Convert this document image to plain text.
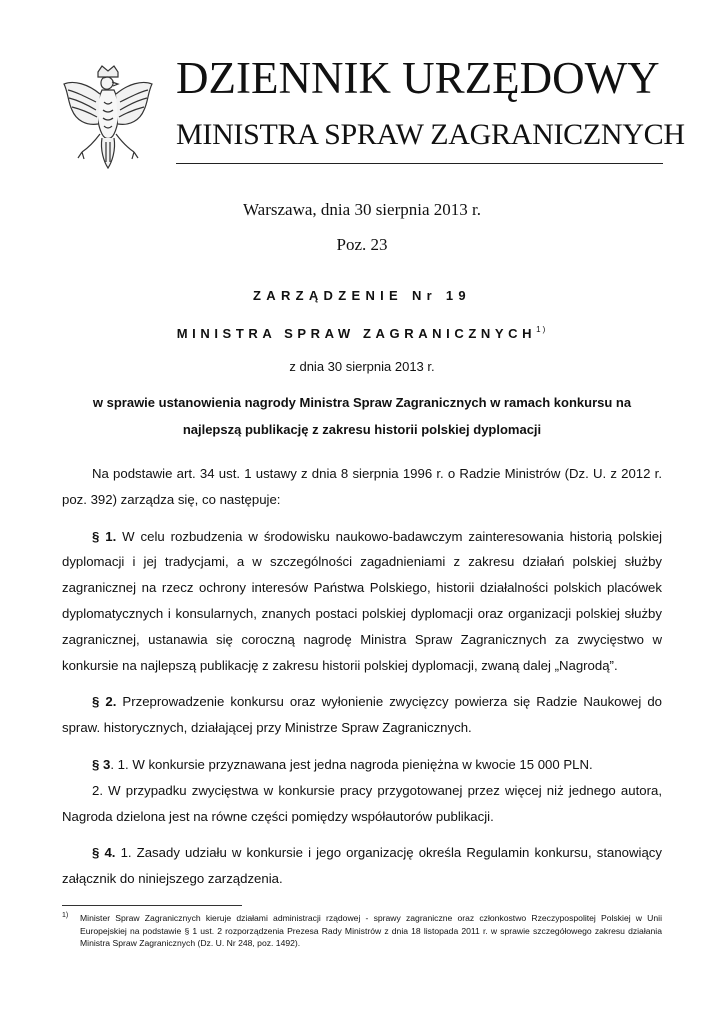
DZIENNIK URZĘDOWY
MINISTRA SPRAW ZAGRANICZNYCH
Warszawa, dnia 30 sierpnia 2013 r.
Poz. 23
ZARZĄDZENIE Nr 19
MINISTRA SPRAW ZAGRANICZNYCH$^{1)}$
z dnia 30 sierpnia 2013 r.
w sprawie ustanowienia nagrody Ministra Spraw Zagranicznych w ramach konkursu na najlepszą publikację z zakresu historii polskiej dyplomacji

Na podstawie art. 34 ust. 1 ustawy z dnia 8 sierpnia 1996 r. o Radzie Ministrów (Dz. U. z 2012 r. poz. 392) zarządza się, co następuje:

§ 1. W celu rozbudzenia w środowisku naukowo-badawczym zainteresowania historią polskiej dyplomacji i jej tradycjami, a w szczególności zagadnieniami z zakresu działań polskiej służby zagranicznej na rzecz ochrony interesów Państwa Polskiego, historii działalności polskich placówek dyplomatycznych i konsularnych, znanych postaci polskiej dyplomacji oraz organizacji polskiej służby zagranicznej, ustanawia się coroczną nagrodę Ministra Spraw Zagranicznych za zwycięstwo w konkursie na najlepszą publikację z zakresu historii polskiej dyplomacji, zwaną dalej „Nagrodą”.

§ 2. Przeprowadzenie konkursu oraz wyłonienie zwycięzcy powierza się Radzie Naukowej do spraw. historycznych, działającej przy Ministrze Spraw Zagranicznych.

§ 3. 1. W konkursie przyznawana jest jedna nagroda pieniężna w kwocie 15 000 PLN.

2. W przypadku zwycięstwa w konkursie pracy przygotowanej przez więcej niż jednego autora, Nagroda dzielona jest na równe części pomiędzy współautorów publikacji.

§ 4. 1. Zasady udziału w konkursie i jego organizację określa Regulamin konkursu, stanowiący załącznik do niniejszego zarządzenia.

1) Minister Spraw Zagranicznych kieruje działami administracji rządowej - sprawy zagraniczne oraz członkostwo Rzeczypospolitej Polskiej w Unii Europejskiej na podstawie § 1 ust. 2 rozporządzenia Prezesa Rady Ministrów z dnia 18 listopada 2011 r. w sprawie szczegółowego zakresu działania Ministra Spraw Zagranicznych (Dz. U. Nr 248, poz. 1492).
